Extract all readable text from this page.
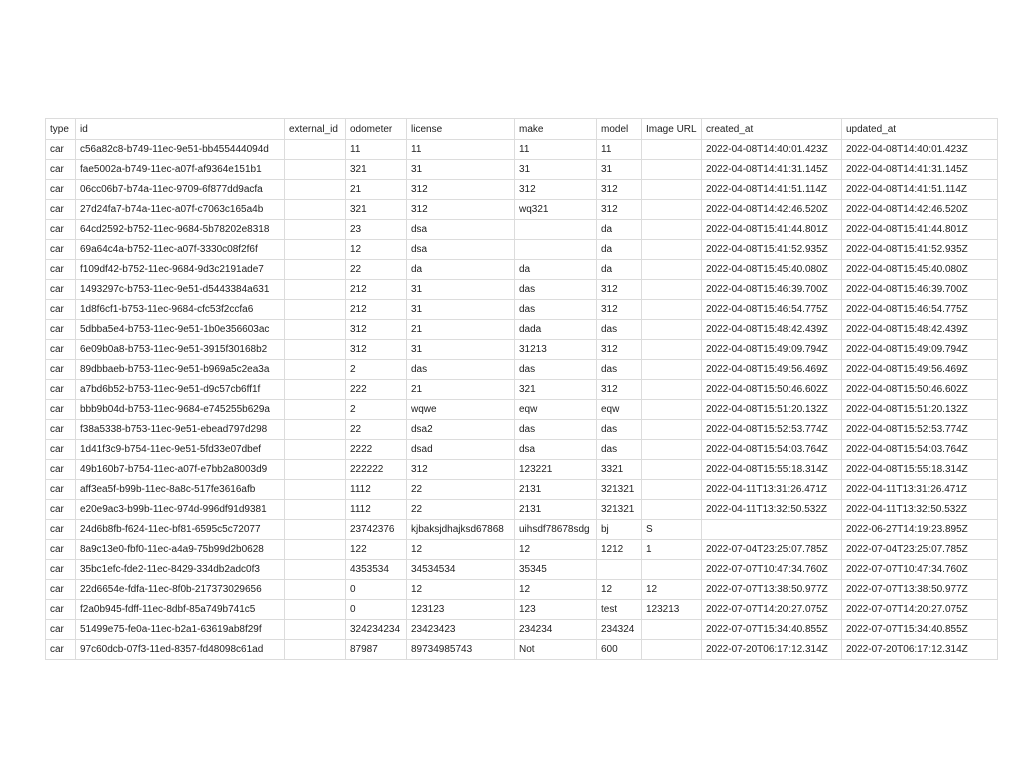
type	id	external_id	odometer	license	make	model	Image URL	created_at	updated_at
car	c56a82c8-b749-11ec-9e51-bb455444094d		11	11	11	11		2022-04-08T14:40:01.423Z	2022-04-08T14:40:01.423Z
car	fae5002a-b749-11ec-a07f-af9364e151b1		321	31	31	31		2022-04-08T14:41:31.145Z	2022-04-08T14:41:31.145Z
car	06cc06b7-b74a-11ec-9709-6f877dd9acfa		21	312	312	312		2022-04-08T14:41:51.114Z	2022-04-08T14:41:51.114Z
car	27d24fa7-b74a-11ec-a07f-c7063c165a4b		321	312	wq321	312		2022-04-08T14:42:46.520Z	2022-04-08T14:42:46.520Z
car	64cd2592-b752-11ec-9684-5b78202e8318		23	dsa		da		2022-04-08T15:41:44.801Z	2022-04-08T15:41:44.801Z
car	69a64c4a-b752-11ec-a07f-3330c08f2f6f		12	dsa		da		2022-04-08T15:41:52.935Z	2022-04-08T15:41:52.935Z
car	f109df42-b752-11ec-9684-9d3c2191ade7		22	da	da	da		2022-04-08T15:45:40.080Z	2022-04-08T15:45:40.080Z
car	1493297c-b753-11ec-9e51-d5443384a631		212	31	das	312		2022-04-08T15:46:39.700Z	2022-04-08T15:46:39.700Z
car	1d8f6cf1-b753-11ec-9684-cfc53f2ccfa6		212	31	das	312		2022-04-08T15:46:54.775Z	2022-04-08T15:46:54.775Z
car	5dbba5e4-b753-11ec-9e51-1b0e356603ac		312	21	dada	das		2022-04-08T15:48:42.439Z	2022-04-08T15:48:42.439Z
car	6e09b0a8-b753-11ec-9e51-3915f30168b2		312	31	31213	312		2022-04-08T15:49:09.794Z	2022-04-08T15:49:09.794Z
car	89dbbaeb-b753-11ec-9e51-b969a5c2ea3a		2	das	das	das		2022-04-08T15:49:56.469Z	2022-04-08T15:49:56.469Z
car	a7bd6b52-b753-11ec-9e51-d9c57cb6ff1f		222	21	321	312		2022-04-08T15:50:46.602Z	2022-04-08T15:50:46.602Z
car	bbb9b04d-b753-11ec-9684-e745255b629a		2	wqwe	eqw	eqw		2022-04-08T15:51:20.132Z	2022-04-08T15:51:20.132Z
car	f38a5338-b753-11ec-9e51-ebead797d298		22	dsa2	das	das		2022-04-08T15:52:53.774Z	2022-04-08T15:52:53.774Z
car	1d41f3c9-b754-11ec-9e51-5fd33e07dbef		2222	dsad	dsa	das		2022-04-08T15:54:03.764Z	2022-04-08T15:54:03.764Z
car	49b160b7-b754-11ec-a07f-e7bb2a8003d9		222222	312	123221	3321		2022-04-08T15:55:18.314Z	2022-04-08T15:55:18.314Z
car	aff3ea5f-b99b-11ec-8a8c-517fe3616afb		1112	22	2131	321321		2022-04-11T13:31:26.471Z	2022-04-11T13:31:26.471Z
car	e20e9ac3-b99b-11ec-974d-996df91d9381		1112	22	2131	321321		2022-04-11T13:32:50.532Z	2022-04-11T13:32:50.532Z
car	24d6b8fb-f624-11ec-bf81-6595c5c72077		23742376	kjbaksjdhajksd67868	uihsdf78678sdg	bj	S		2022-06-27T14:19:23.895Z
car	8a9c13e0-fbf0-11ec-a4a9-75b99d2b0628		122	12	12	1212	1	2022-07-04T23:25:07.785Z	2022-07-04T23:25:07.785Z
car	35bc1efc-fde2-11ec-8429-334db2adc0f3		4353534	34534534	35345			2022-07-07T10:47:34.760Z	2022-07-07T10:47:34.760Z
car	22d6654e-fdfa-11ec-8f0b-217373029656		0	12	12	12	12	2022-07-07T13:38:50.977Z	2022-07-07T13:38:50.977Z
car	f2a0b945-fdff-11ec-8dbf-85a749b741c5		0	123123	123	test	123213	2022-07-07T14:20:27.075Z	2022-07-07T14:20:27.075Z
car	51499e75-fe0a-11ec-b2a1-63619ab8f29f		324234234	23423423	234234	234324		2022-07-07T15:34:40.855Z	2022-07-07T15:34:40.855Z
car	97c60dcb-07f3-11ed-8357-fd48098c61ad		87987	89734985743	Not	600		2022-07-20T06:17:12.314Z	2022-07-20T06:17:12.314Z
